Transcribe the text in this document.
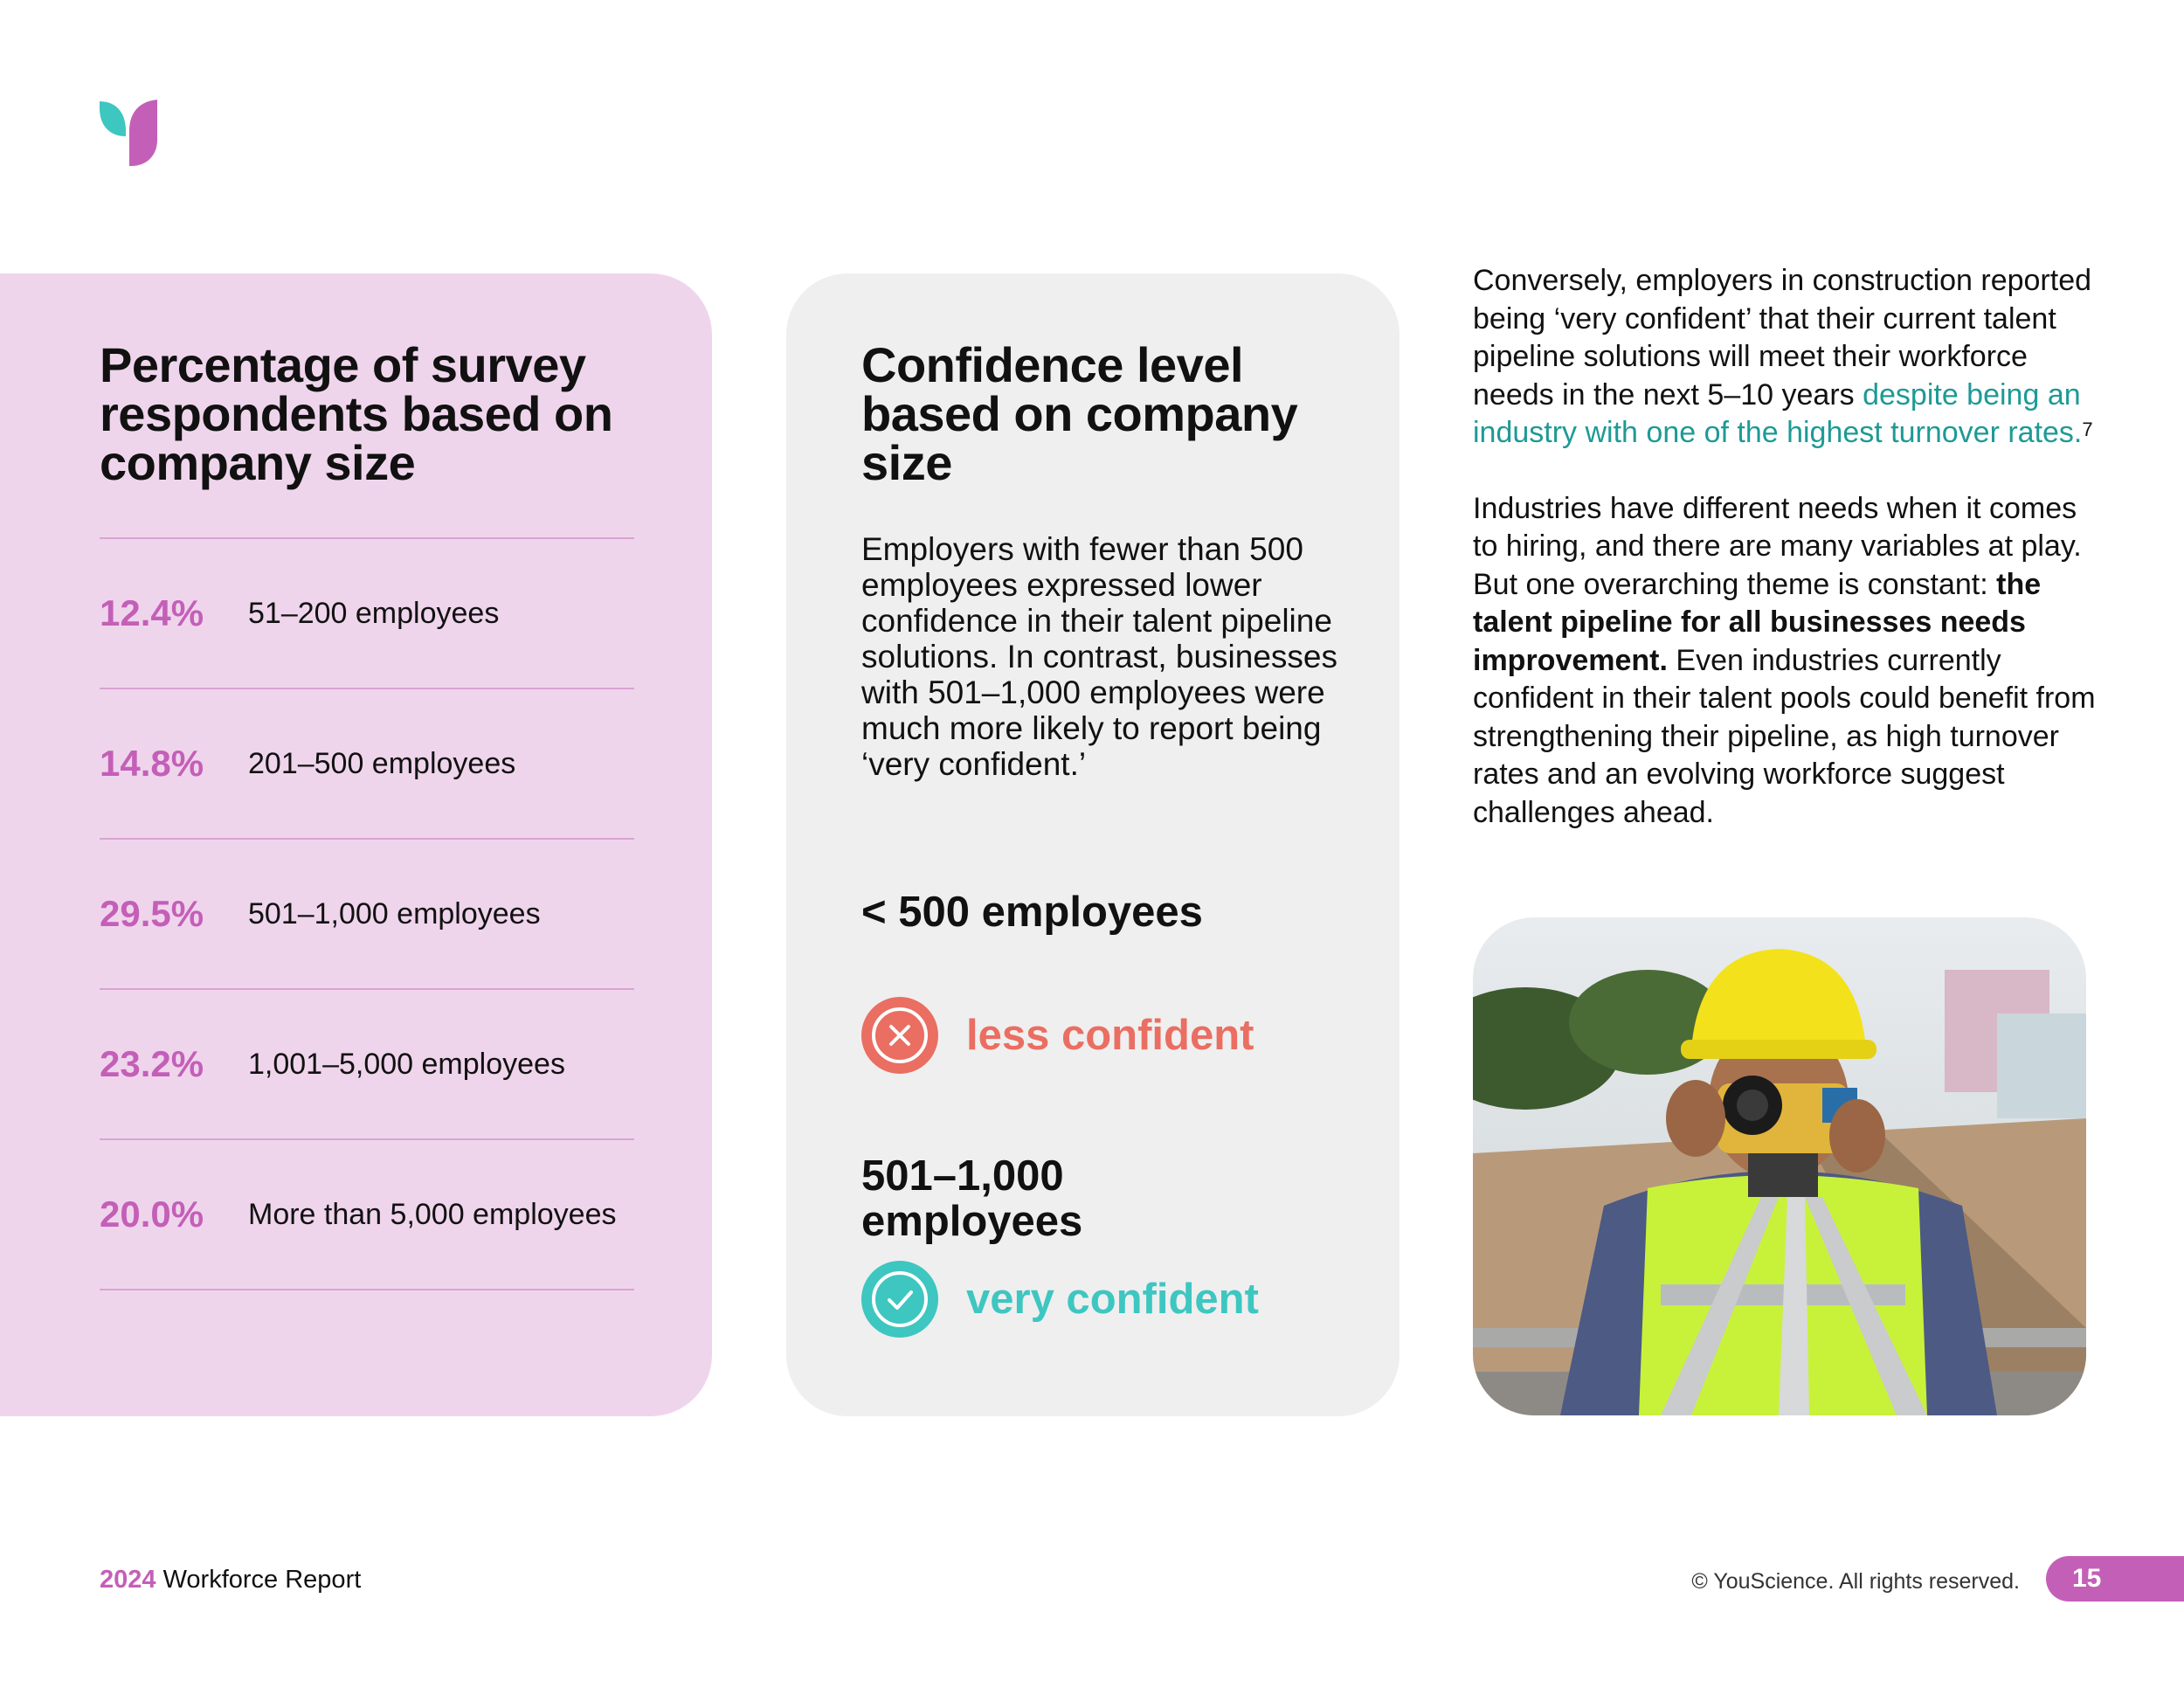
Percentage of survey respondents based on company size
12.4%	51–200 employees
14.8%	201–500 employees
29.5%	501–1,000 employees
23.2%	1,001–5,000 employees
20.0%	More than 5,000 employees
Confidence level based on company size

Employers with fewer than 500 employees expressed lower confidence in their talent pipeline solutions. In contrast, businesses with 501–1,000 employees were much more likely to report being ‘very confident.’

< 500 employees
less confident
501–1,000 employees
very confident

Conversely, employers in construction reported being ‘very confident’ that their current talent pipeline solutions will meet their workforce needs in the next 5–10 years despite being an industry with one of the highest turnover rates.$^7$

Industries have different needs when it comes to hiring, and there are many variables at play. But one overarching theme is constant: the talent pipeline for all businesses needs improvement. Even industries currently confident in their talent pools could benefit from strengthening their pipeline, as high turnover rates and an evolving workforce suggest challenges ahead.

2024 Workforce Report	© YouScience. All rights reserved. 15
